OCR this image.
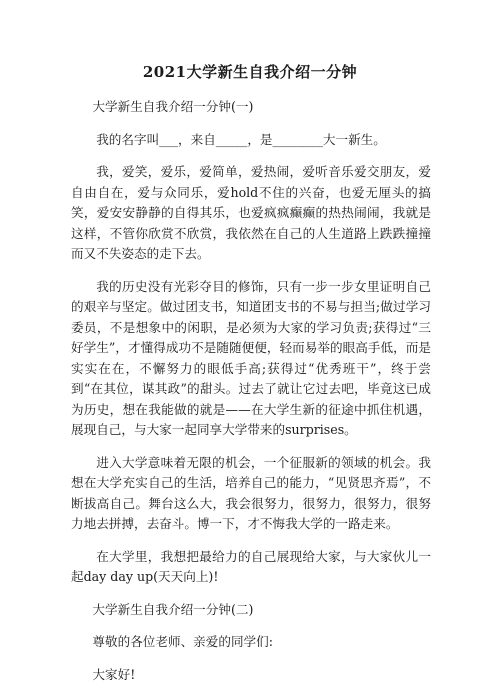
2021大学新生自我介绍一分钟

大学新生自我介绍一分钟(一)

我的名字叫___，来自_____，是________大一新生。

我，爱笑，爱乐，爱简单，爱热闹，爱听音乐爱交朋友，爱自由自在，爱与众同乐，爱hold不住的兴奋，也爱无厘头的搞笑，爱安安静静的自得其乐，也爱疯疯癫癫的热热闹闹，我就是这样，不管你欣赏不欣赏，我依然在自己的人生道路上跌跌撞撞而又不失姿态的走下去。

我的历史没有光彩夺目的修饰，只有一步一步女里证明自己的艰辛与坚定。做过团支书，知道团支书的不易与担当;做过学习委员，不是想象中的闲职，是必须为大家的学习负责;获得过“三好学生”，才懂得成功不是随随便便，轻而易举的眼高手低，而是实实在在，不懈努力的眼低手高;获得过“优秀班干”，终于尝到“在其位，谋其政”的甜头。过去了就让它过去吧，毕竟这已成为历史，想在我能做的就是——在大学生新的征途中抓住机遇，展现自己，与大家一起同享大学带来的surprises。

进入大学意味着无限的机会，一个征服新的领域的机会。我想在大学充实自己的生活，培养自己的能力，“见贤思齐焉”，不断拔高自己。舞台这么大，我会很努力，很努力，很努力，很努力地去拼搏，去奋斗。博一下，才不悔我大学的一路走来。

在大学里，我想把最给力的自己展现给大家，与大家伙儿一起day day up(天天向上)!

大学新生自我介绍一分钟(二)

尊敬的各位老师、亲爱的同学们:

大家好!
